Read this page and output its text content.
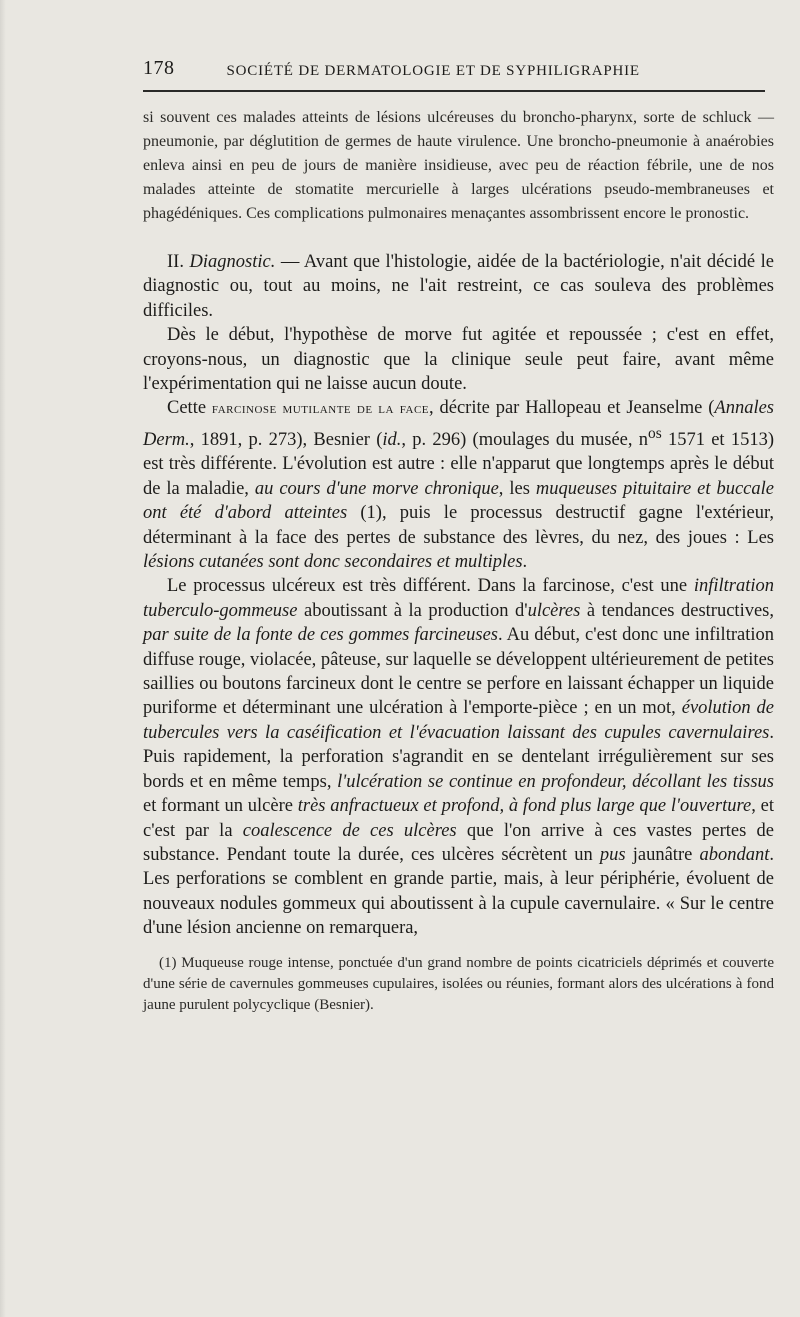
178	SOCIÉTÉ DE DERMATOLOGIE ET DE SYPHILIGRAPHIE

si souvent ces malades atteints de lésions ulcéreuses du broncho-pharynx, sorte de schluck — pneumonie, par déglutition de germes de haute virulence. Une broncho-pneumonie à anaérobies enleva ainsi en peu de jours de manière insidieuse, avec peu de réaction fébrile, une de nos malades atteinte de stomatite mercurielle à larges ulcérations pseudo-membraneuses et phagédéniques. Ces complications pulmonaires menaçantes assombrissent encore le pronostic.

II. Diagnostic. — Avant que l'histologie, aidée de la bactériologie, n'ait décidé le diagnostic ou, tout au moins, ne l'ait restreint, ce cas souleva des problèmes difficiles.

Dès le début, l'hypothèse de morve fut agitée et repoussée ; c'est en effet, croyons-nous, un diagnostic que la clinique seule peut faire, avant même l'expérimentation qui ne laisse aucun doute.

Cette farcinose mutilante de la face, décrite par Hallopeau et Jeanselme (Annales Derm., 1891, p. 273), Besnier (id., p. 296) (moulages du musée, $n^{os}$ 1571 et 1513) est très différente. L'évolution est autre : elle n'apparut que longtemps après le début de la maladie, au cours d'une morve chronique, les muqueuses pituitaire et buccale ont été d'abord atteintes (1), puis le processus destructif gagne l'extérieur, déterminant à la face des pertes de substance des lèvres, du nez, des joues : Les lésions cutanées sont donc secondaires et multiples.

Le processus ulcéreux est très différent. Dans la farcinose, c'est une infiltration tuberculo-gommeuse aboutissant à la production d'ulcères à tendances destructives, par suite de la fonte de ces gommes farcineuses. Au début, c'est donc une infiltration diffuse rouge, violacée, pâteuse, sur laquelle se développent ultérieurement de petites saillies ou boutons farcineux dont le centre se perfore en laissant échapper un liquide puriforme et déterminant une ulcération à l'emporte-pièce ; en un mot, évolution de tubercules vers la caséification et l'évacuation laissant des cupules cavernulaires. Puis rapidement, la perforation s'agrandit en se dentelant irrégulièrement sur ses bords et en même temps, l'ulcération se continue en profondeur, décollant les tissus et formant un ulcère très anfractueux et profond, à fond plus large que l'ouverture, et c'est par la coalescence de ces ulcères que l'on arrive à ces vastes pertes de substance. Pendant toute la durée, ces ulcères sécrètent un pus jaunâtre abondant. Les perforations se comblent en grande partie, mais, à leur périphérie, évoluent de nouveaux nodules gommeux qui aboutissent à la cupule cavernulaire. « Sur le centre d'une lésion ancienne on remarquera,

(1) Muqueuse rouge intense, ponctuée d'un grand nombre de points cicatriciels déprimés et couverte d'une série de cavernules gommeuses cupulaires, isolées ou réunies, formant alors des ulcérations à fond jaune purulent polycyclique (Besnier).
